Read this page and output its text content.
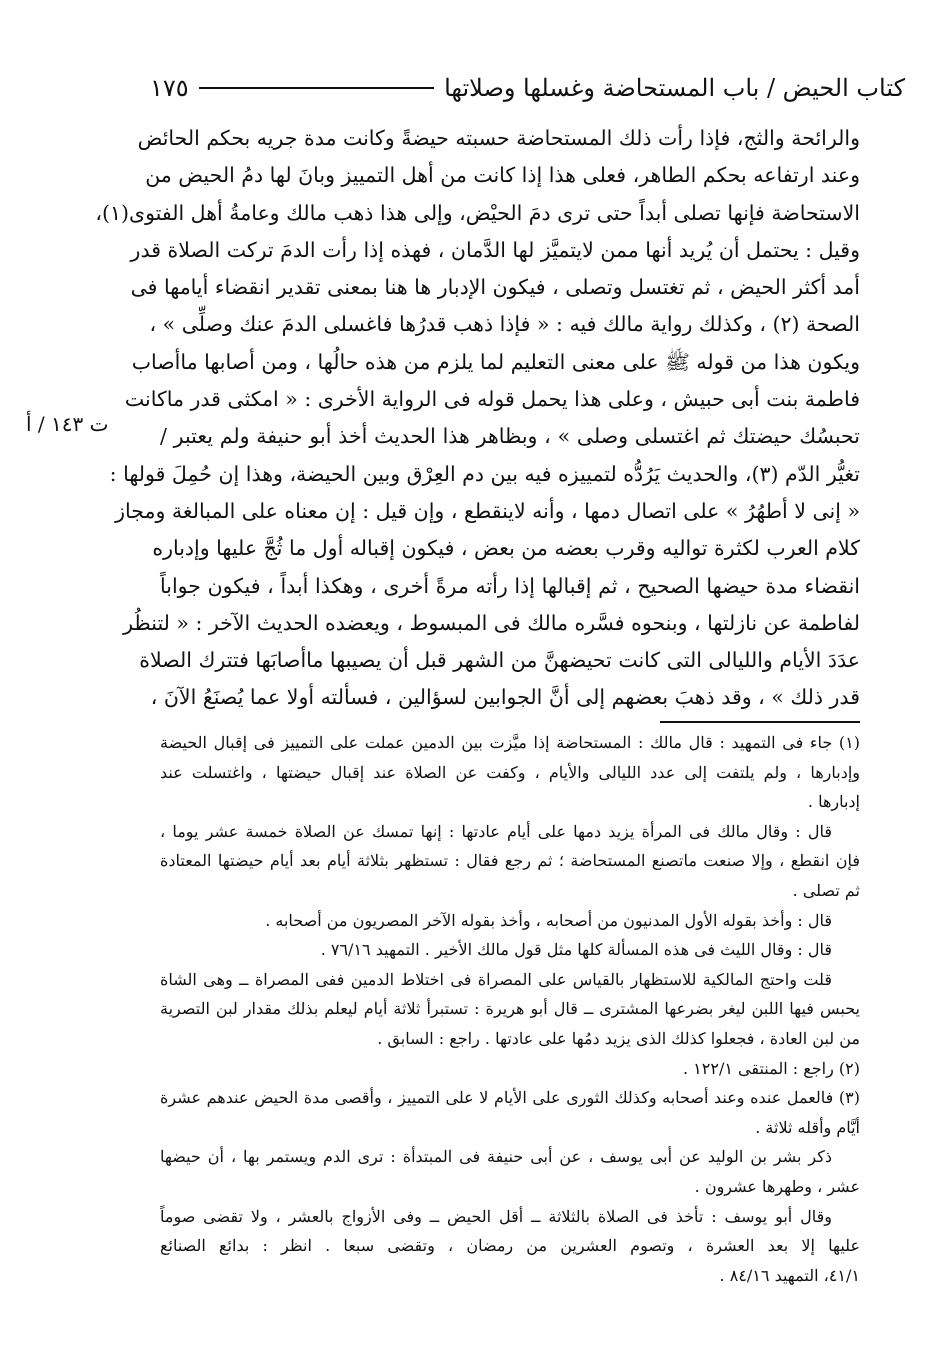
كتاب الحيض / باب المستحاضة وغسلها وصلاتها
١٧٥
ت ١٤٣ / أ
والرائحة والثج، فإذا رأت ذلك المستحاضة حسبته حيضةً وكانت مدة جريه بحكم الحائض
وعند ارتفاعه بحكم الطاهر، فعلى هذا إذا كانت من أهل التمييز وبانَ لها دمُ الحيض من
الاستحاضة فإنها تصلى أبداً حتى ترى دمَ الحيْض، وإلى هذا ذهب مالك وعامةُ أهل الفتوى(١)،
وقيل : يحتمل أن يُريد أنها ممن لايتميَّز لها الدَّمان ، فهذه إذا رأت الدمَ تركت الصلاة قدر
أمد أكثر الحيض ، ثم تغتسل وتصلى ، فيكون الإدبار ها هنا بمعنى تقدير انقضاء أيامها فى
الصحة (٢) ، وكذلك رواية مالك فيه : « فإذا ذهب قدرُها فاغسلى الدمَ عنك وصلِّى » ،
ويكون هذا من قوله ﷺ على معنى التعليم لما يلزم من هذه حالُها ، ومن أصابها ماأصاب
فاطمة بنت أبى حبيش ، وعلى هذا يحمل قوله فى الرواية الأخرى : « امكثى قدر ماكانت
تحبسُك حيضتك ثم اغتسلى وصلى » ، وبظاهر هذا الحديث أخذ أبو حنيفة ولم يعتبر /
تغيُّر الدّم (٣)، والحديث يَرُدُّه لتمييزه فيه بين دم العِرْق وبين الحيضة، وهذا إن حُمِلَ قولها :
« إنى لا أطهُرُ » على اتصال دمها ، وأنه لاينقطع ، وإن قيل : إن معناه على المبالغة ومجاز
كلام العرب لكثرة تواليه وقرب بعضه من بعض ، فيكون إقباله أول ما ثُجَّ عليها وإدباره
انقضاء مدة حيضها الصحيح ، ثم إقبالها إذا رأته مرةً أخرى ، وهكذا أبداً ، فيكون جواباً
لفاطمة عن نازلتها ، وبنحوه فسَّره مالك فى المبسوط ، ويعضده الحديث الآخر : « لتنظُر
عدَدَ الأيام والليالى التى كانت تحيضهنَّ من الشهر قبل أن يصيبها ماأصابَها فتترك الصلاة
قدر ذلك » ، وقد ذهبَ بعضهم إلى أنَّ الجوابين لسؤالين ، فسألته أولا عما يُصنَعُ الآنَ ،
(١) جاء فى التمهيد : قال مالك : المستحاضة إذا ميَّزت بين الدمين عملت على التمييز فى إقبال الحيضة
وإدبارها ، ولم يلتفت إلى عدد الليالى والأيام ، وكفت عن الصلاة عند إقبال حيضتها ، واغتسلت عند
إدبارها .
قال : وقال مالك فى المرأة يزيد دمها على أيام عادتها : إنها تمسك عن الصلاة خمسة عشر يوما ،
فإن انقطع ، وإلا صنعت ماتصنع المستحاضة ؛ ثم رجع فقال : تستظهر بثلاثة أيام بعد أيام حيضتها المعتادة
ثم تصلى .
قال : وأخذ بقوله الأول المدنيون من أصحابه ، وأخذ بقوله الآخر المصريون من أصحابه .
قال : وقال الليث فى هذه المسألة كلها مثل قول مالك الأخير . التمهيد ٧٦/١٦ .
قلت واحتج المالكية للاستظهار بالقياس على المصراة فى اختلاط الدمين ففى المصراة ــ وهى الشاة
يحبس فيها اللبن ليغر بضرعها المشترى ــ قال أبو هريرة : تستبرأ ثلاثة أيام ليعلم بذلك مقدار لبن التصرية
من لبن العادة ، فجعلوا كذلك الذى يزيد دمُها على عادتها . راجع : السابق .
(٢) راجع : المنتقى ١٢٢/١ .
(٣) فالعمل عنده وعند أصحابه وكذلك الثورى على الأيام لا على التمييز ، وأقصى مدة الحيض عندهم عشرة
أيَّام وأقله ثلاثة .
ذكر بشر بن الوليد عن أبى يوسف ، عن أبى حنيفة فى المبتدأة : ترى الدم ويستمر بها ، أن حيضها
عشر ، وطهرها عشرون .
وقال أبو يوسف : تأخذ فى الصلاة بالثلاثة ــ أقل الحيض ــ وفى الأزواج بالعشر ، ولا تقضى صوماً
عليها إلا بعد العشرة ، وتصوم العشرين من رمضان ، وتقضى سبعا . انظر : بدائع الصنائع
٤١/١، التمهيد ٨٤/١٦ .
